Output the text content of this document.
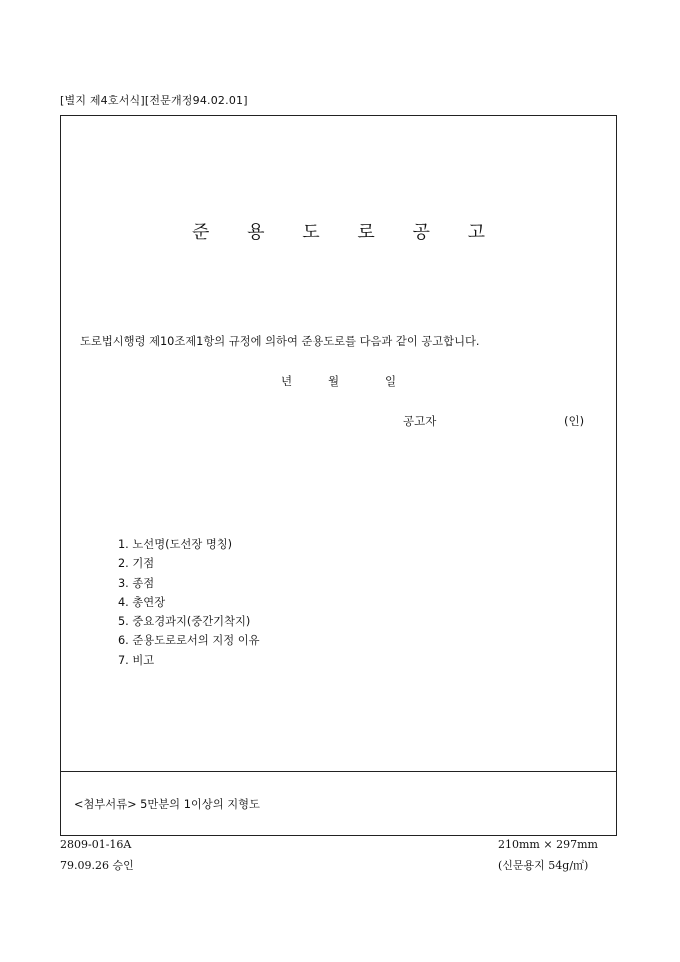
[별지 제4호서식][전문개정94.02.01]
준 용 도 로 공 고
도로법시행령 제10조제1항의 규정에 의하여 준용도로를 다음과 같이 공고합니다.
년	월	일
공고자	(인)
1. 노선명(도선장 명칭)
2. 기점
3. 종점
4. 총연장
5. 중요경과지(중간기착지)
6. 준용도로로서의 지정 이유
7. 비고
<첨부서류> 5만분의 1이상의 지형도
2809-01-16A
79.09.26 승인
210mm × 297mm
(신문용지 54g/㎡)
